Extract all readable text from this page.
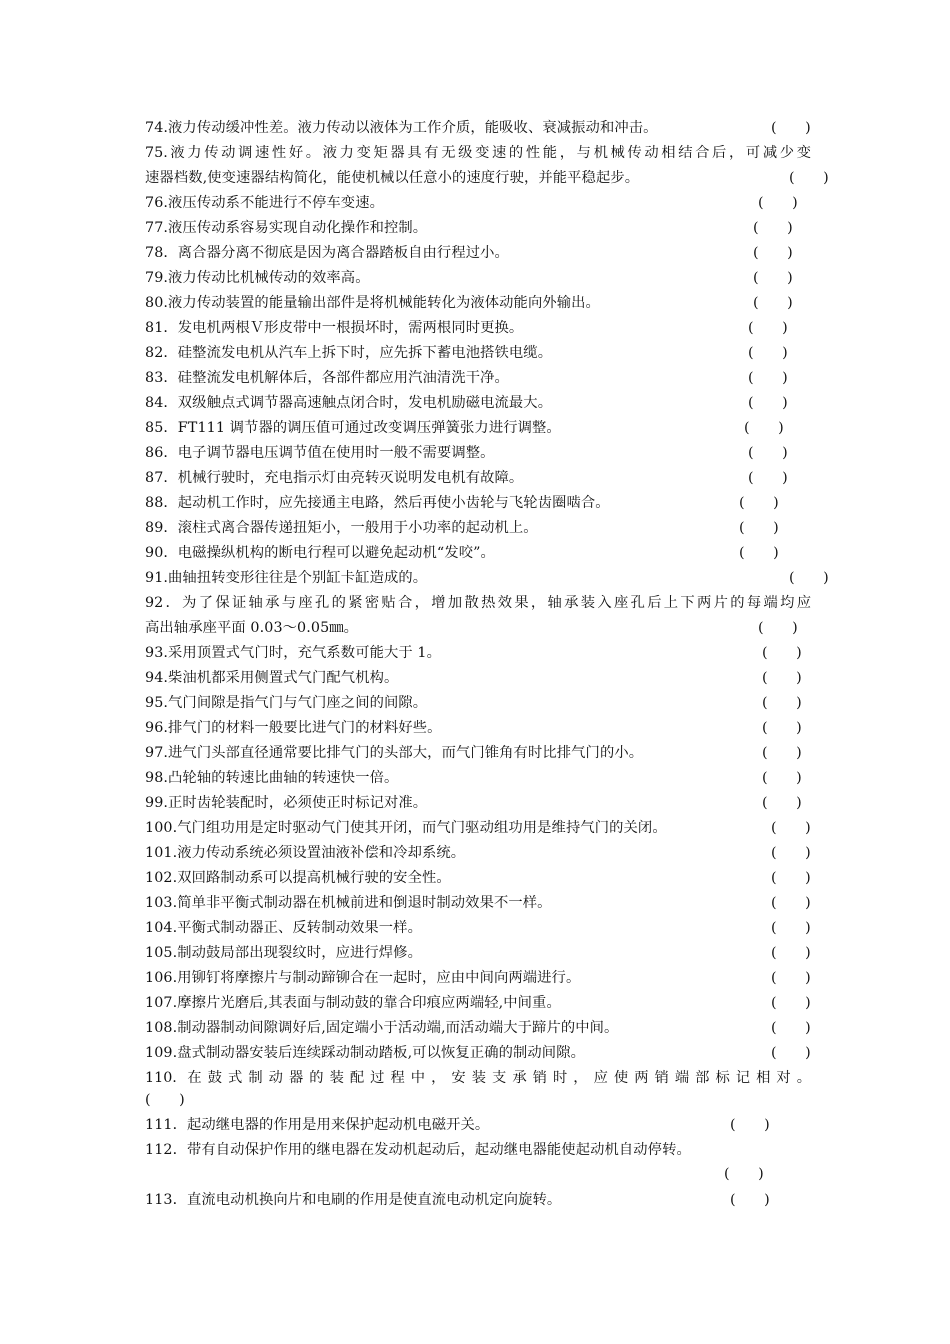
74.液力传动缓冲性差。液力传动以液体为工作介质，能吸收、衰减振动和冲击。	(　　)
75.液力传动调速性好。液力变矩器具有无级变速的性能，与机械传动相结合后，可减少变
速器档数,使变速器结构简化，能使机械以任意小的速度行驶，并能平稳起步。	(　　)
76.液压传动系不能进行不停车变速。	(　　)
77.液压传动系容易实现自动化操作和控制。	(　　)
78．离合器分离不彻底是因为离合器踏板自由行程过小。	(　　)
79.液力传动比机械传动的效率高。	(　　)
80.液力传动装置的能量输出部件是将机械能转化为液体动能向外输出。	(　　)
81．发电机两根Ｖ形皮带中一根损坏时，需两根同时更换。	(　　)
82．硅整流发电机从汽车上拆下时，应先拆下蓄电池搭铁电缆。	(　　)
83．硅整流发电机解体后，各部件都应用汽油清洗干净。	(　　)
84．双级触点式调节器高速触点闭合时，发电机励磁电流最大。	(　　)
85．FT111 调节器的调压值可通过改变调压弹簧张力进行调整。	(　　)
86．电子调节器电压调节值在使用时一般不需要调整。	(　　)
87．机械行驶时，充电指示灯由亮转灭说明发电机有故障。	(　　)
88．起动机工作时，应先接通主电路，然后再使小齿轮与飞轮齿圈啮合。	(　　)
89．滚柱式离合器传递扭矩小，一般用于小功率的起动机上。	(　　)
90．电磁操纵机构的断电行程可以避免起动机“发咬”。	(　　)
91.曲轴扭转变形往往是个别缸卡缸造成的。	(　　)
92．为了保证轴承与座孔的紧密贴合，增加散热效果，轴承装入座孔后上下两片的每端均应
高出轴承座平面 0.03～0.05㎜。	(　　)
93.采用顶置式气门时，充气系数可能大于 1。	(　　)
94.柴油机都采用侧置式气门配气机构。	(　　)
95.气门间隙是指气门与气门座之间的间隙。	(　　)
96.排气门的材料一般要比进气门的材料好些。	(　　)
97.进气门头部直径通常要比排气门的头部大，而气门锥角有时比排气门的小。	(　　)
98.凸轮轴的转速比曲轴的转速快一倍。	(　　)
99.正时齿轮装配时，必须使正时标记对准。	(　　)
100.气门组功用是定时驱动气门使其开闭，而气门驱动组功用是维持气门的关闭。	(　　)
101.液力传动系统必须设置油液补偿和冷却系统。	(　　)
102.双回路制动系可以提高机械行驶的安全性。	(　　)
103.简单非平衡式制动器在机械前进和倒退时制动效果不一样。	(　　)
104.平衡式制动器正、反转制动效果一样。	(　　)
105.制动鼓局部出现裂纹时，应进行焊修。	(　　)
106.用铆钉将摩擦片与制动蹄铆合在一起时，应由中间向两端进行。	(　　)
107.摩擦片光磨后,其表面与制动鼓的靠合印痕应两端轻,中间重。	(　　)
108.制动器制动间隙调好后,固定端小于活动端,而活动端大于蹄片的中间。	(　　)
109.盘式制动器安装后连续踩动制动踏板,可以恢复正确的制动间隙。	(　　)
110. 在鼓式制动器的装配过程中，安装支承销时，应使两销端部标记相对。
(　　)
111．起动继电器的作用是用来保护起动机电磁开关。	(　　)
112．带有自动保护作用的继电器在发动机起动后，起动继电器能使起动机自动停转。
(　　)
113．直流电动机换向片和电刷的作用是使直流电动机定向旋转。	(　　)
